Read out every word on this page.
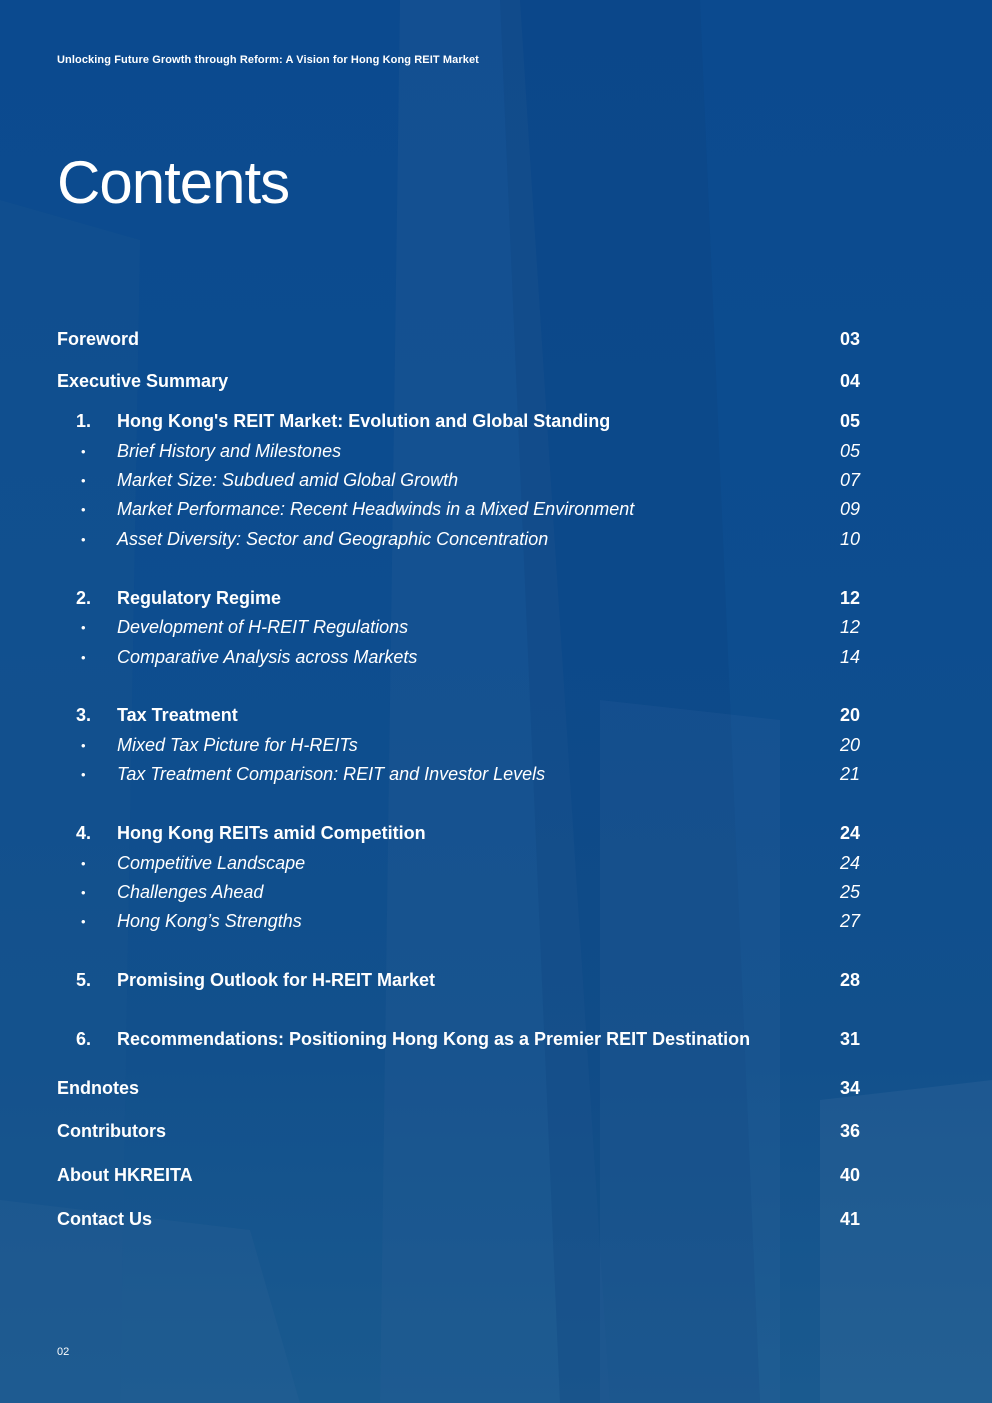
Unlocking Future Growth through Reform: A Vision for Hong Kong REIT Market
Contents
Foreword	03
Executive Summary	04
1.	Hong Kong's REIT Market: Evolution and Global Standing	05
• Brief History and Milestones	05
• Market Size: Subdued amid Global Growth	07
• Market Performance: Recent Headwinds in a Mixed Environment	09
• Asset Diversity: Sector and Geographic Concentration	10
2.	Regulatory Regime	12
• Development of H-REIT Regulations	12
• Comparative Analysis across Markets	14
3.	Tax Treatment	20
• Mixed Tax Picture for H-REITs	20
• Tax Treatment Comparison: REIT and Investor Levels	21
4.	Hong Kong REITs amid Competition	24
• Competitive Landscape	24
• Challenges Ahead	25
• Hong Kong’s Strengths	27
5.	Promising Outlook for H-REIT Market	28
6.	Recommendations: Positioning Hong Kong as a Premier REIT Destination	31
Endnotes	34
Contributors	36
About HKREITA	40
Contact Us	41
02
